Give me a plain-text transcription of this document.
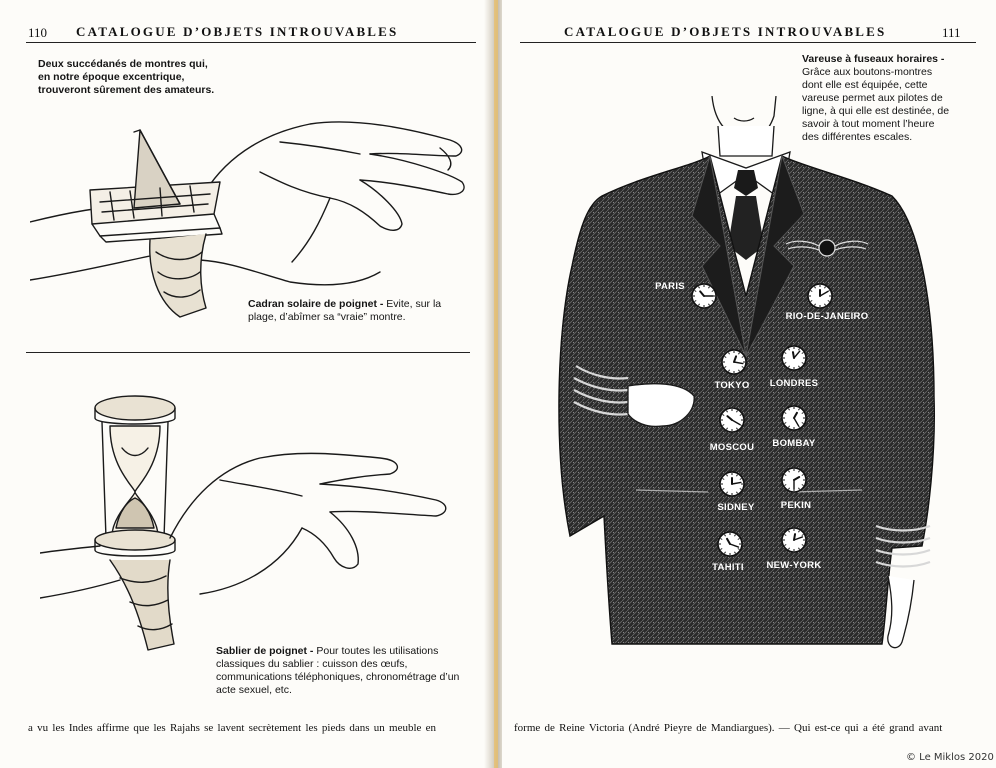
110 CATALOGUE D’OBJETS INTROUVABLES
Deux succédanés de montres qui, en notre époque excentrique, trouveront sûrement des amateurs.
Cadran solaire de poignet - Evite, sur la plage, d’abîmer sa “vraie” montre.
Sablier de poignet - Pour toutes les utilisations classiques du sablier : cuisson des œufs, communications téléphoniques, chronométrage d’un acte sexuel, etc.
a vu les Indes affirme que les Rajahs se lavent secrètement les pieds dans un meuble en
CATALOGUE D’OBJETS INTROUVABLES	111
Vareuse à fuseaux horaires - Grâce aux boutons-montres dont elle est équipée, cette vareuse permet aux pilotes de ligne, à qui elle est destinée, de savoir à tout moment l’heure des différentes escales.
PARIS
RIO-DE-JANEIRO
TOKYO LONDRES
MOSCOU BOMBAY
SIDNEY	PEKIN
TAHITI NEW-YORK
forme de Reine Victoria (André Pieyre de Mandiargues). — Qui est-ce qui a été grand avant
© Le Miklos 2020
